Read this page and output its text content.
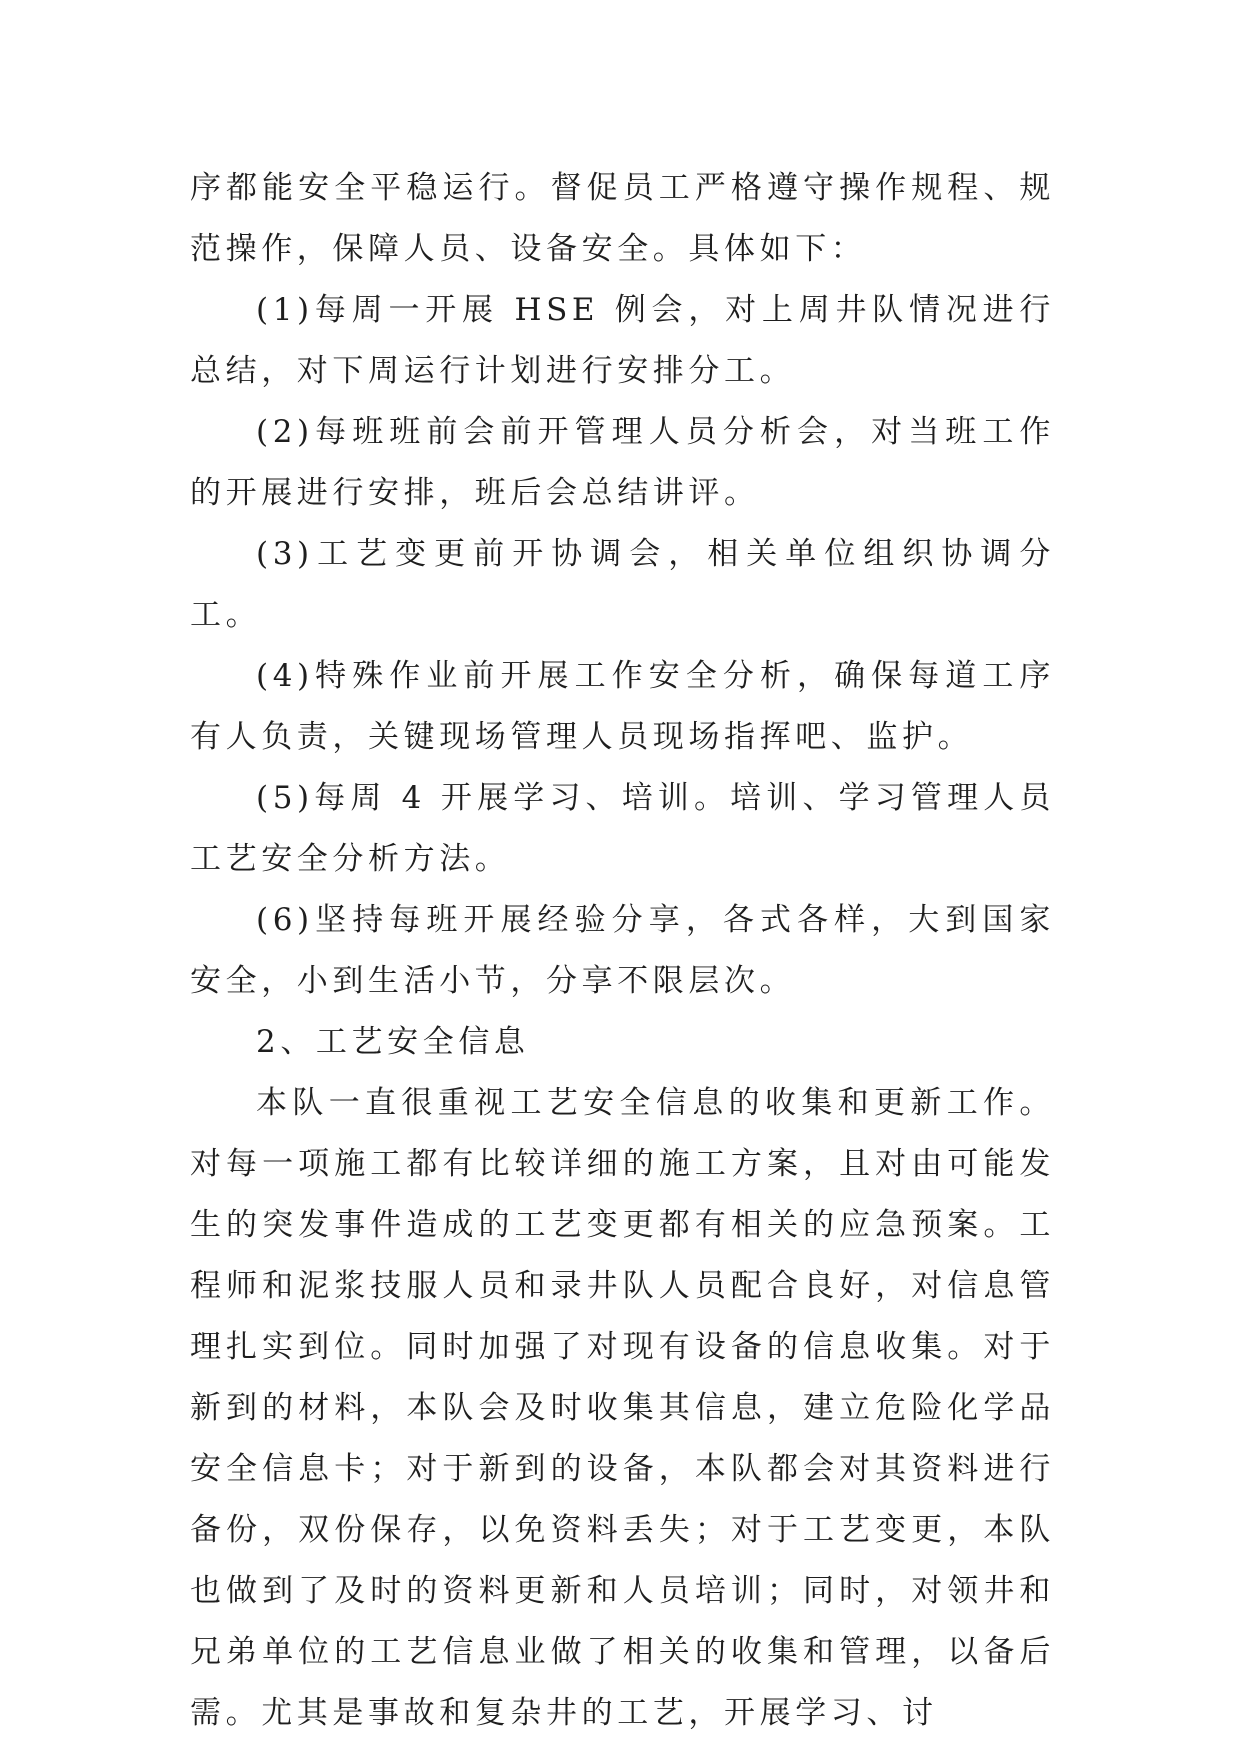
序都能安全平稳运行。督促员工严格遵守操作规程、规范操作，保障人员、设备安全。具体如下：

(1)每周一开展 HSE 例会，对上周井队情况进行总结，对下周运行计划进行安排分工。

(2)每班班前会前开管理人员分析会，对当班工作的开展进行安排，班后会总结讲评。

(3)工艺变更前开协调会，相关单位组织协调分工。

(4)特殊作业前开展工作安全分析，确保每道工序有人负责，关键现场管理人员现场指挥吧、监护。

(5)每周 4 开展学习、培训。培训、学习管理人员工艺安全分析方法。

(6)坚持每班开展经验分享，各式各样，大到国家安全，小到生活小节，分享不限层次。

2、工艺安全信息

本队一直很重视工艺安全信息的收集和更新工作。对每一项施工都有比较详细的施工方案，且对由可能发生的突发事件造成的工艺变更都有相关的应急预案。工程师和泥浆技服人员和录井队人员配合良好，对信息管理扎实到位。同时加强了对现有设备的信息收集。对于新到的材料，本队会及时收集其信息，建立危险化学品安全信息卡；对于新到的设备，本队都会对其资料进行备份，双份保存，以免资料丢失；对于工艺变更，本队也做到了及时的资料更新和人员培训；同时，对领井和兄弟单位的工艺信息业做了相关的收集和管理，以备后需。尤其是事故和复杂井的工艺，开展学习、讨
